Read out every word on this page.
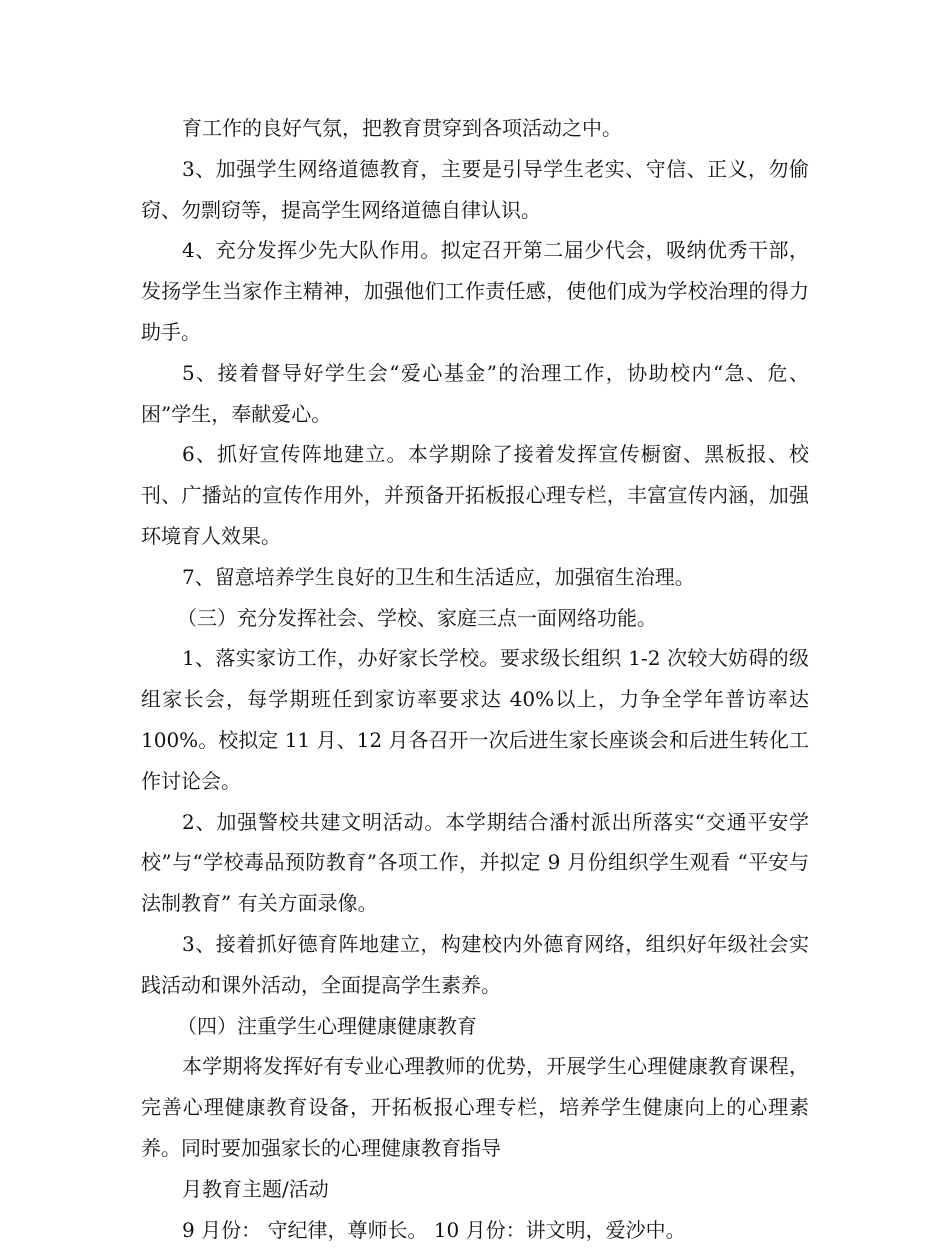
育工作的良好气氛，把教育贯穿到各项活动之中。

3、加强学生网络道德教育，主要是引导学生老实、守信、正义，勿偷窃、勿剽窃等，提高学生网络道德自律认识。

4、充分发挥少先大队作用。拟定召开第二届少代会，吸纳优秀干部，发扬学生当家作主精神，加强他们工作责任感，使他们成为学校治理的得力助手。

5、接着督导好学生会“爱心基金”的治理工作，协助校内“急、危、困”学生，奉献爱心。

6、抓好宣传阵地建立。本学期除了接着发挥宣传橱窗、黑板报、校刊、广播站的宣传作用外，并预备开拓板报心理专栏，丰富宣传内涵，加强环境育人效果。

7、留意培养学生良好的卫生和生活适应，加强宿生治理。

（三）充分发挥社会、学校、家庭三点一面网络功能。

1、落实家访工作，办好家长学校。要求级长组织 1-2 次较大妨碍的级组家长会，每学期班任到家访率要求达 40%以上，力争全学年普访率达 100%。校拟定 11 月、12 月各召开一次后进生家长座谈会和后进生转化工作讨论会。

2、加强警校共建文明活动。本学期结合潘村派出所落实“交通平安学校”与“学校毒品预防教育”各项工作，并拟定 9 月份组织学生观看 “平安与法制教育” 有关方面录像。

3、接着抓好德育阵地建立，构建校内外德育网络，组织好年级社会实践活动和课外活动，全面提高学生素养。

（四）注重学生心理健康健康教育

本学期将发挥好有专业心理教师的优势，开展学生心理健康教育课程，完善心理健康教育设备，开拓板报心理专栏，培养学生健康向上的心理素养。同时要加强家长的心理健康教育指导

月教育主题/活动

9 月份： 守纪律，尊师长。 10 月份：讲文明，爱沙中。
